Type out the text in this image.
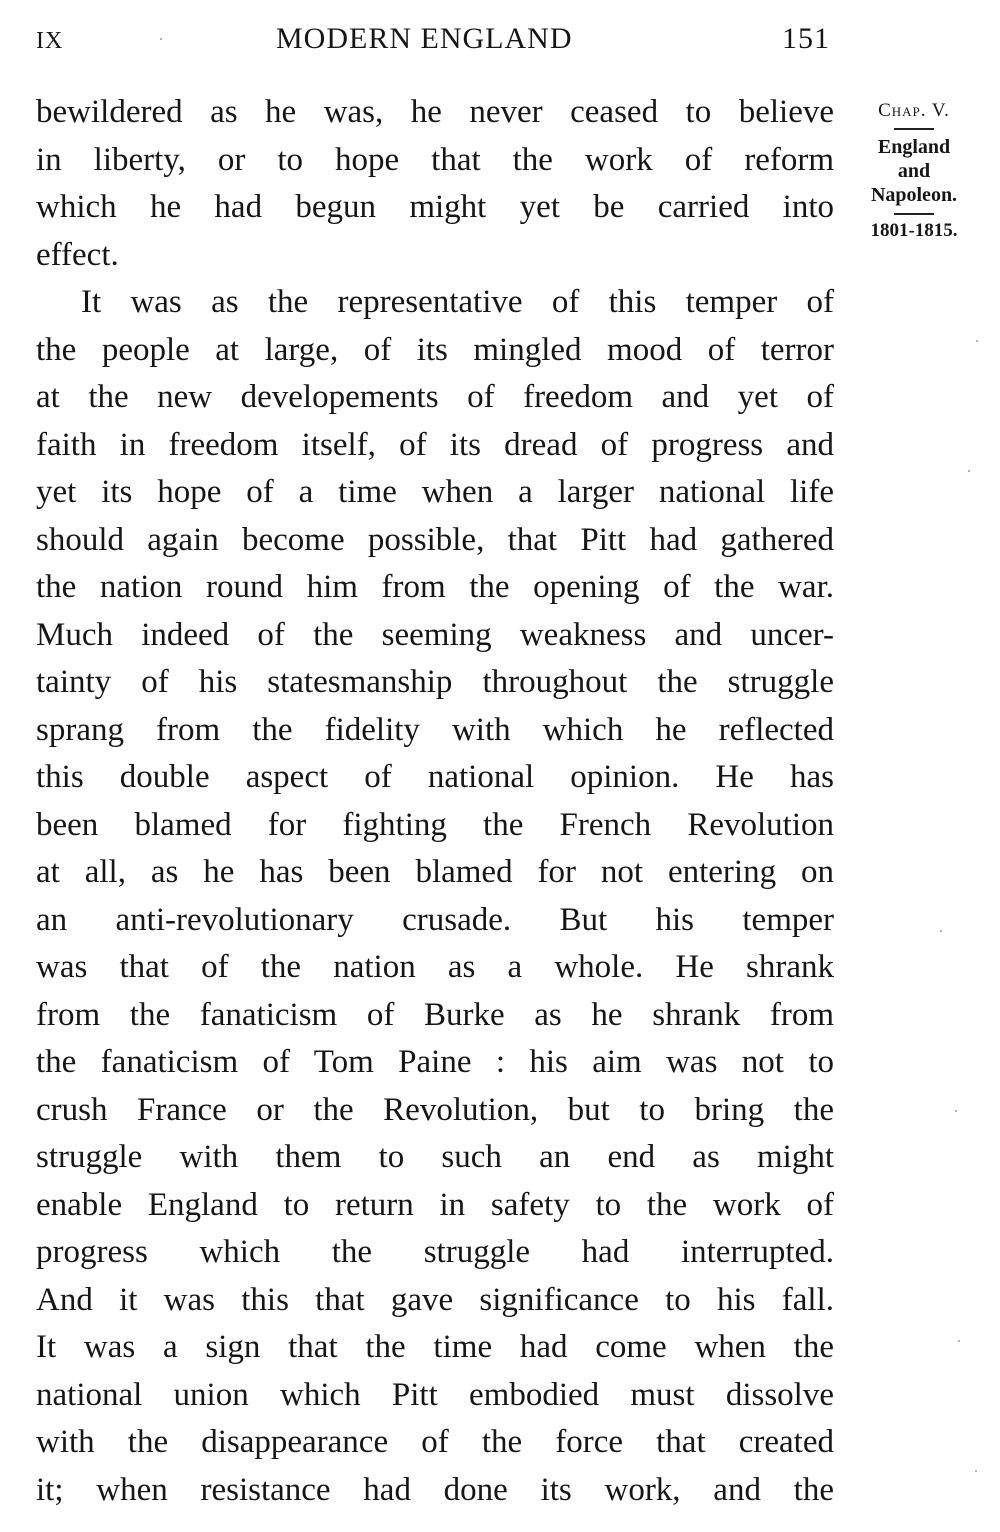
IX	MODERN ENGLAND	151
bewildered as he was, he never ceased to believe
in liberty, or to hope that the work of reform
which he had begun might yet be carried into
effect.
It was as the representative of this temper of
the people at large, of its mingled mood of terror
at the new developements of freedom and yet of
faith in freedom itself, of its dread of progress and
yet its hope of a time when a larger national life
should again become possible, that Pitt had gathered
the nation round him from the opening of the war.
Much indeed of the seeming weakness and uncer-
tainty of his statesmanship throughout the struggle
sprang from the fidelity with which he reflected
this double aspect of national opinion. He has
been blamed for fighting the French Revolution
at all, as he has been blamed for not entering on
an anti-revolutionary crusade. But his temper
was that of the nation as a whole. He shrank
from the fanaticism of Burke as he shrank from
the fanaticism of Tom Paine : his aim was not to
crush France or the Revolution, but to bring the
struggle with them to such an end as might
enable England to return in safety to the work of
progress which the struggle had interrupted.
And it was this that gave significance to his fall.
It was a sign that the time had come when the
national union which Pitt embodied must dissolve
with the disappearance of the force that created
it; when resistance had done its work, and the
Chap. V.
England
and
Napoleon.
1801-1815.
